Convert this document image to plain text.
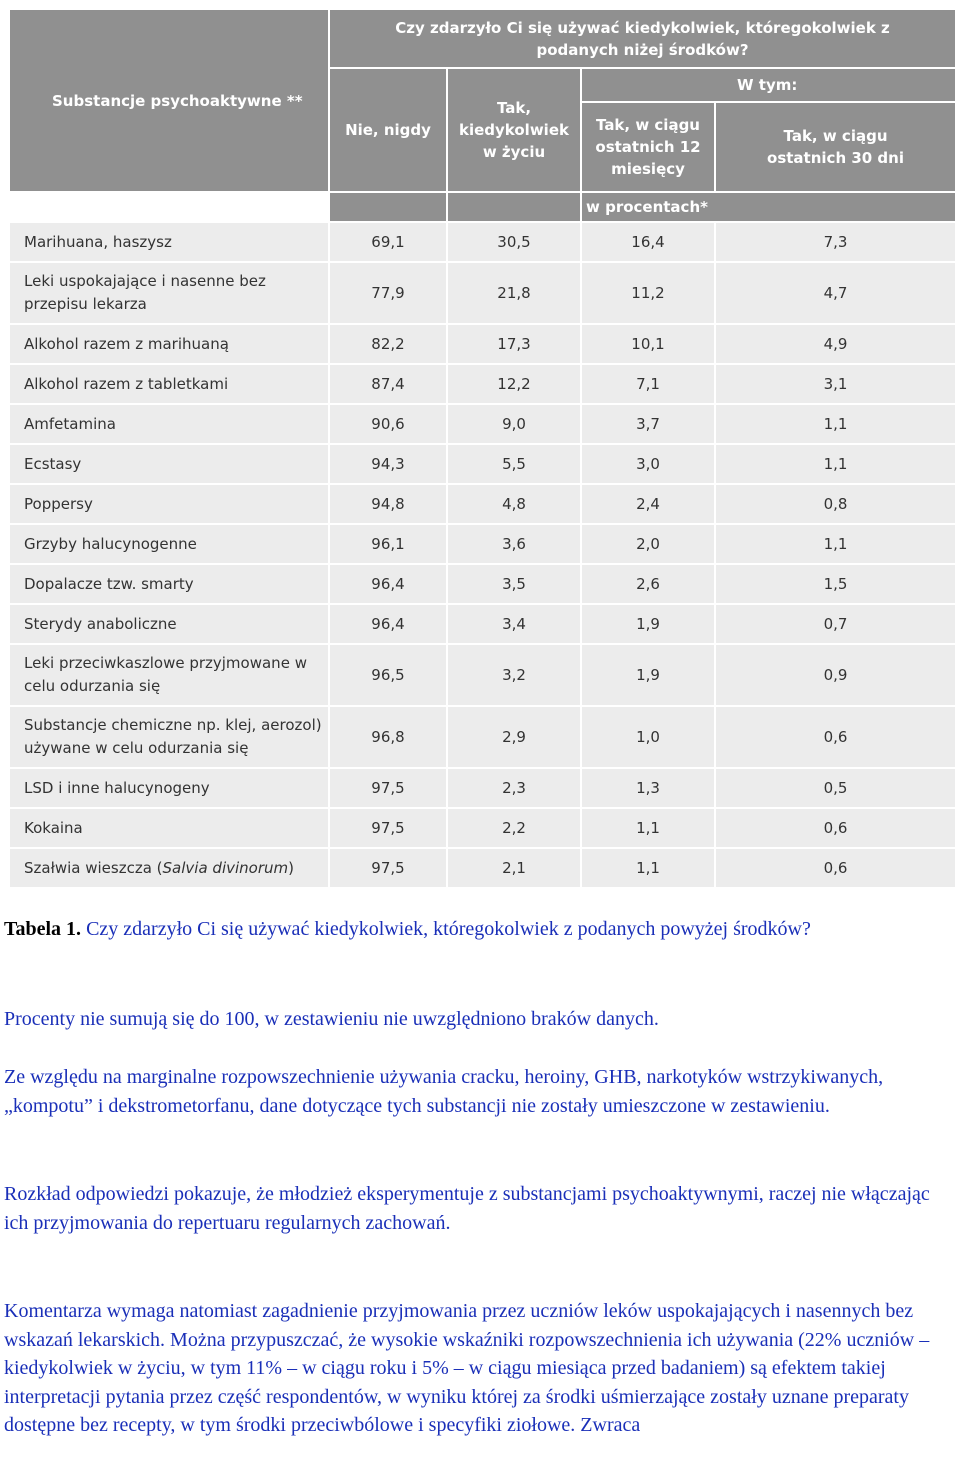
Substancje psychoaktywne **	Czy zdarzyło Ci się używać kiedykolwiek, któregokolwiek z podanych niżej środków?			
	Nie, nigdy	Tak, kiedykolwiek w życiu	W tym:	
			Tak, w ciągu ostatnich 12 miesięcy	Tak, w ciągu ostatnich 30 dni
			w procentach*	
Marihuana, haszysz	69,1	30,5	16,4	7,3
Leki uspokajające i nasenne bez przepisu lekarza	77,9	21,8	11,2	4,7
Alkohol razem z marihuaną	82,2	17,3	10,1	4,9
Alkohol razem z tabletkami	87,4	12,2	7,1	3,1
Amfetamina	90,6	9,0	3,7	1,1
Ecstasy	94,3	5,5	3,0	1,1
Poppersy	94,8	4,8	2,4	0,8
Grzyby halucynogenne	96,1	3,6	2,0	1,1
Dopalacze tzw. smarty	96,4	3,5	2,6	1,5
Sterydy anaboliczne	96,4	3,4	1,9	0,7
Leki przeciwkaszlowe przyjmowane w celu odurzania się	96,5	3,2	1,9	0,9
Substancje chemiczne np. klej, aerozol) używane w celu odurzania się	96,8	2,9	1,0	0,6
LSD i inne halucynogeny	97,5	2,3	1,3	0,5
Kokaina	97,5	2,2	1,1	0,6
Szałwia wieszcza (Salvia divinorum)	97,5	2,1	1,1	0,6

Tabela 1. Czy zdarzyło Ci się używać kiedykolwiek, któregokolwiek z podanych powyżej środków?

Procenty nie sumują się do 100, w zestawieniu nie uwzględniono braków danych.

Ze względu na marginalne rozpowszechnienie używania cracku, heroiny, GHB, narkotyków wstrzykiwanych, „kompotu” i dekstrometorfanu, dane dotyczące tych substancji nie zostały umieszczone w zestawieniu.

Rozkład odpowiedzi pokazuje, że młodzież eksperymentuje z substancjami psychoaktywnymi, raczej nie włączając ich przyjmowania do repertuaru regularnych zachowań.

Komentarza wymaga natomiast zagadnienie przyjmowania przez uczniów leków uspokajających i nasennych bez wskazań lekarskich. Można przypuszczać, że wysokie wskaźniki rozpowszechnienia ich używania (22% uczniów – kiedykolwiek w życiu, w tym 11% – w ciągu roku i 5% – w ciągu miesiąca przed badaniem) są efektem takiej interpretacji pytania przez część respondentów, w wyniku której za środki uśmierzające zostały uznane preparaty dostępne bez recepty, w tym środki przeciwbólowe i specyfiki ziołowe. Zwraca
